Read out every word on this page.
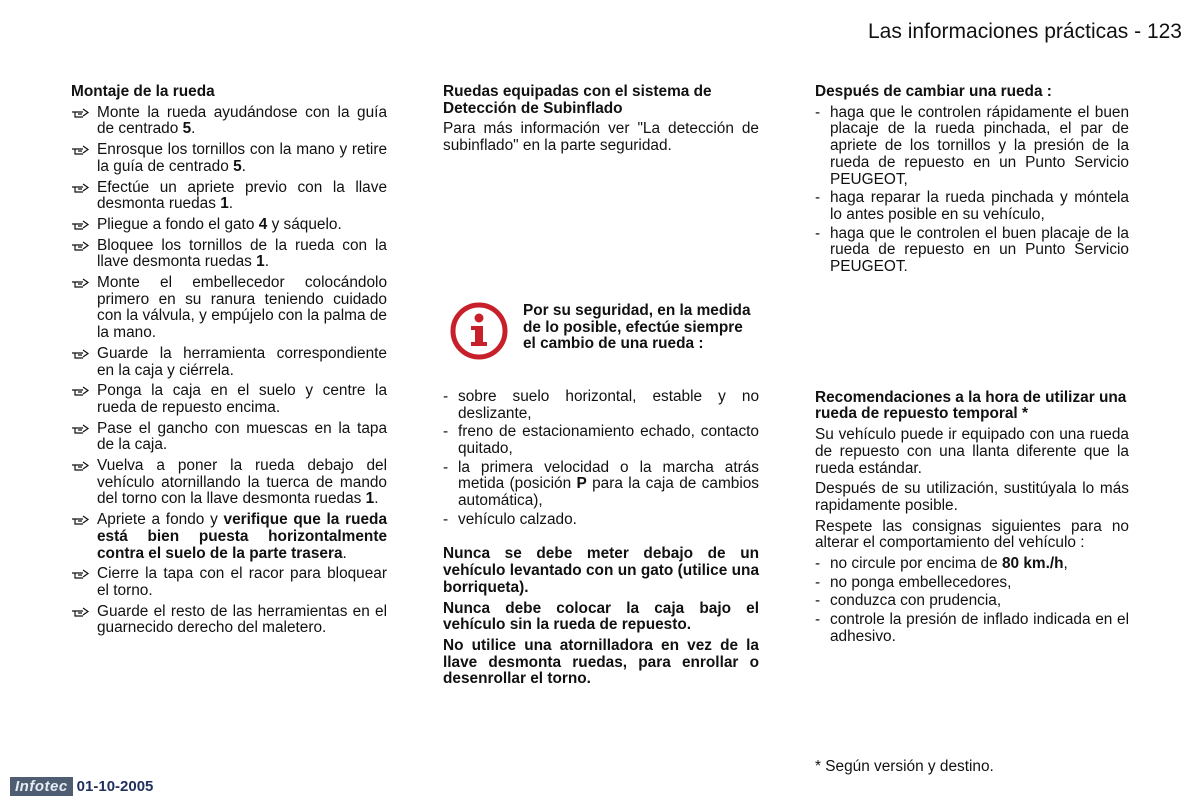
Las informaciones prácticas - 123
Montaje de la rueda
Monte la rueda ayudándose con la guía de centrado 5.
Enrosque los tornillos con la mano y retire la guía de centrado 5.
Efectúe un apriete previo con la llave desmonta ruedas 1.
Pliegue a fondo el gato 4 y sáquelo.
Bloquee los tornillos de la rueda con la llave desmonta ruedas 1.
Monte el embellecedor colocándolo primero en su ranura teniendo cuidado con la válvula, y empújelo con la palma de la mano.
Guarde la herramienta correspondiente en la caja y ciérrela.
Ponga la caja en el suelo y centre la rueda de repuesto encima.
Pase el gancho con muescas en la tapa de la caja.
Vuelva a poner la rueda debajo del vehículo atornillando la tuerca de mando del torno con la llave desmonta ruedas 1.
Apriete a fondo y verifique que la rueda está bien puesta horizontalmente contra el suelo de la parte trasera.
Cierre la tapa con el racor para bloquear el torno.
Guarde el resto de las herramientas en el guarnecido derecho del maletero.
Ruedas equipadas con el sistema de Detección de Subinflado

Para más información ver "La detección de subinflado" en la parte seguridad.

Por su seguridad, en la medida de lo posible, efectúe siempre el cambio de una rueda :
- sobre suelo horizontal, estable y no deslizante,
- freno de estacionamiento echado, contacto quitado,
- la primera velocidad o la marcha atrás metida (posición P para la caja de cambios automática),
- vehículo calzado.

Nunca se debe meter debajo de un vehículo levantado con un gato (utilice una borriqueta).

Nunca debe colocar la caja bajo el vehículo sin la rueda de repuesto.

No utilice una atornilladora en vez de la llave desmonta ruedas, para enrollar o desenrollar el torno.

Después de cambiar una rueda :
- haga que le controlen rápidamente el buen placaje de la rueda pinchada, el par de apriete de los tornillos y la presión de la rueda de repuesto en un Punto Servicio PEUGEOT,
- haga reparar la rueda pinchada y móntela lo antes posible en su vehículo,
- haga que le controlen el buen placaje de la rueda de repuesto en un Punto Servicio PEUGEOT.
Recomendaciones a la hora de utilizar una rueda de repuesto temporal *

Su vehículo puede ir equipado con una rueda de repuesto con una llanta diferente que la rueda estándar.

Después de su utilización, sustitúyala lo más rapidamente posible.

Respete las consignas siguientes para no alterar el comportamiento del vehículo :

- no circule por encima de 80 km./h,
- no ponga embellecedores,
- conduzca con prudencia,
- controle la presión de inflado indicada en el adhesivo.
* Según versión y destino.
Infotec 01-10-2005
